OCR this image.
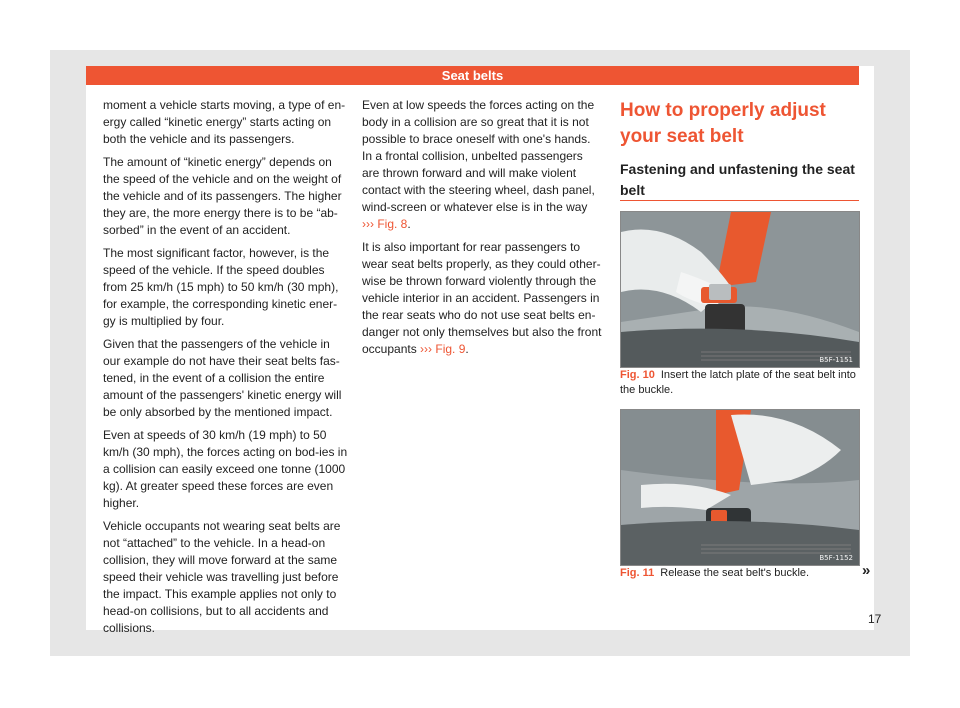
Seat belts

moment a vehicle starts moving, a type of en-ergy called “kinetic energy” starts acting on both the vehicle and its passengers.

The amount of “kinetic energy” depends on the speed of the vehicle and on the weight of the vehicle and of its passengers. The higher they are, the more energy there is to be “ab-sorbed” in the event of an accident.

The most significant factor, however, is the speed of the vehicle. If the speed doubles from 25 km/h (15 mph) to 50 km/h (30 mph), for example, the corresponding kinetic ener-gy is multiplied by four.

Given that the passengers of the vehicle in our example do not have their seat belts fas-tened, in the event of a collision the entire amount of the passengers' kinetic energy will be only absorbed by the mentioned impact.

Even at speeds of 30 km/h (19 mph) to 50 km/h (30 mph), the forces acting on bod-ies in a collision can easily exceed one tonne (1000 kg). At greater speed these forces are even higher.

Vehicle occupants not wearing seat belts are not “attached” to the vehicle. In a head-on collision, they will move forward at the same speed their vehicle was travelling just before the impact. This example applies not only to head-on collisions, but to all accidents and collisions.

Even at low speeds the forces acting on the body in a collision are so great that it is not possible to brace oneself with one's hands. In a frontal collision, unbelted passengers are thrown forward and will make violent contact with the steering wheel, dash panel, wind-screen or whatever else is in the way ››› Fig. 8.

It is also important for rear passengers to wear seat belts properly, as they could other-wise be thrown forward violently through the vehicle interior in an accident. Passengers in the rear seats who do not use seat belts en-danger not only themselves but also the front occupants ››› Fig. 9.

How to properly adjust your seat belt
Fastening and unfastening the seat belt
B5F-1151
Fig. 10 Insert the latch plate of the seat belt into the buckle.
B5F-1152
Fig. 11 Release the seat belt's buckle.	»
17
